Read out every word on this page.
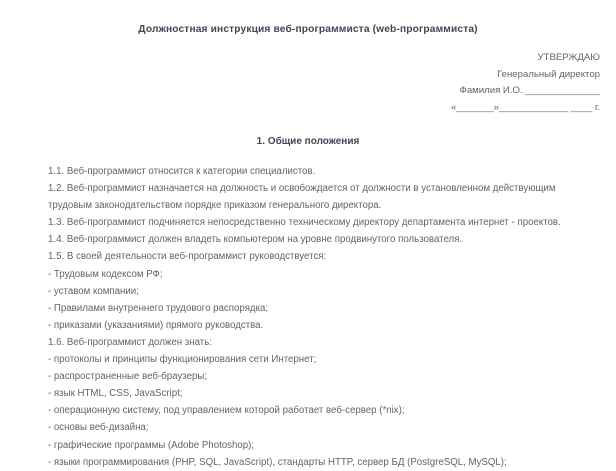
Должностная инструкция веб-программиста (web-программиста)
УТВЕРЖДАЮ
Генеральный директор
Фамилия И.О. ______________
«_______»_____________ ____ г.
1. Общие положения

1.1. Веб-программист относится к категории специалистов.

1.2. Веб-программист назначается на должность и освобождается от должности в установленном действующим трудовым законодательством порядке приказом генерального директора.

1.3. Веб-программист подчиняется непосредственно техническому директору департамента интернет - проектов.

1.4. Веб-программист должен владеть компьютером на уровне продвинутого пользователя.

1.5. В своей деятельности веб-программист руководствуется:

- Трудовым кодексом РФ;

- уставом компании;

- Правилами внутреннего трудового распорядка;

- приказами (указаниями) прямого руководства.

1.6. Веб-программист должен знать:

- протоколы и принципы функционирования сети Интернет;

- распространенные веб-браузеры;

- язык HTML, CSS, JavaScript;

- операционную систему, под управлением которой работает веб-сервер (*nix);

- основы веб-дизайна;

- графические программы (Adobe Photoshop);

- языки программирования (PHP, SQL, JavaScript), стандарты HTTP, сервер БД (PostgreSQL, MySQL);
